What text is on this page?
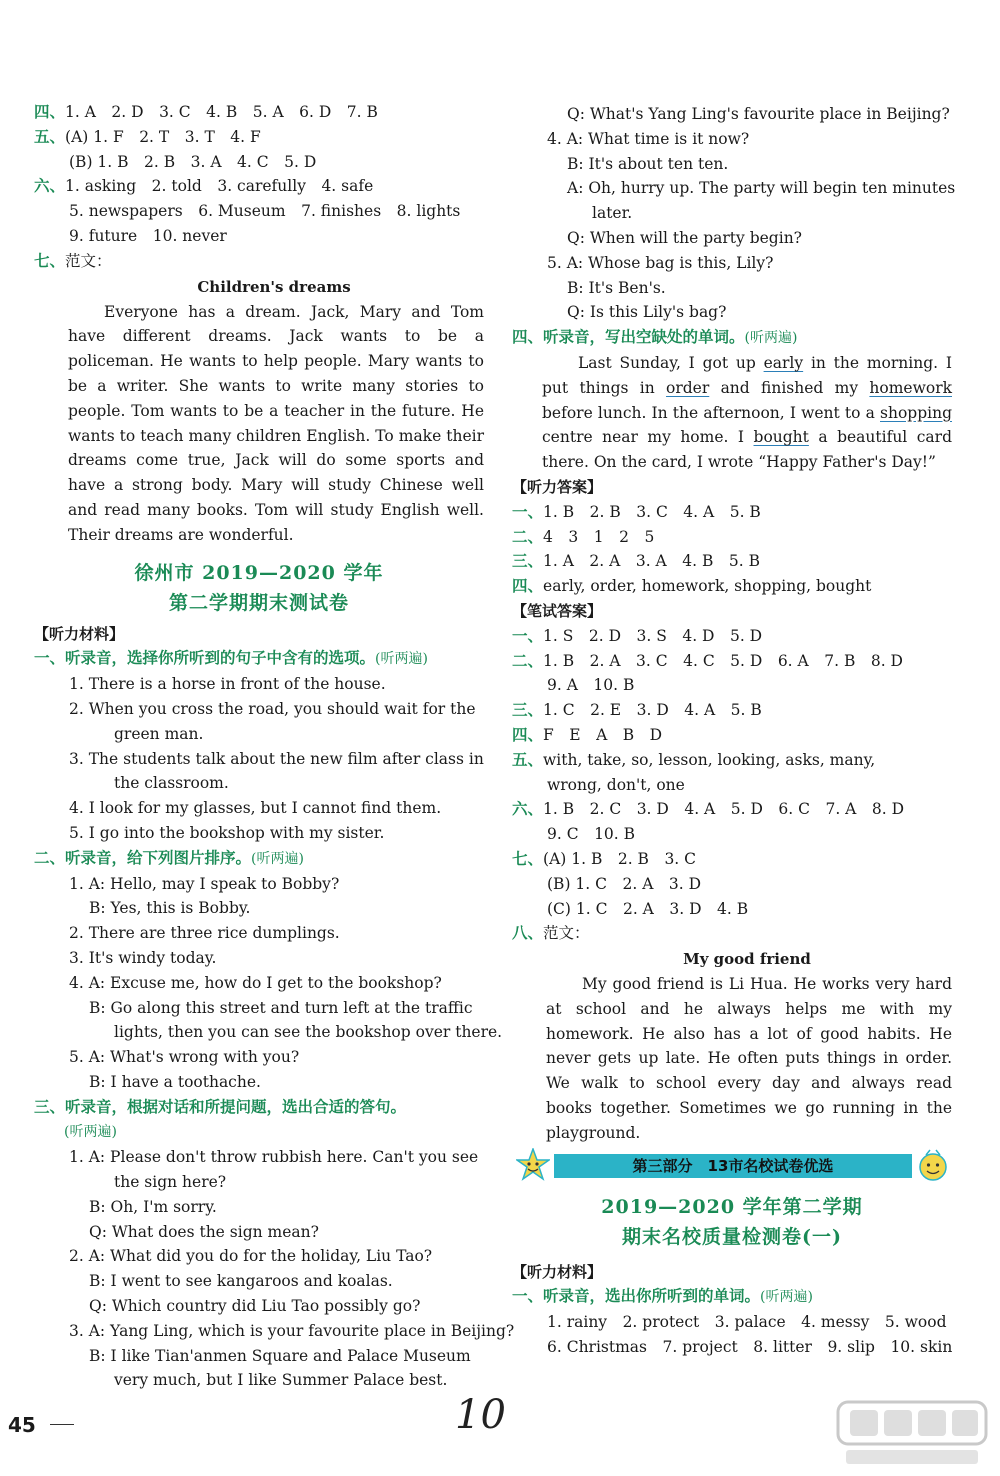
四、1. A　2. D　3. C　4. B　5. A　6. D　7. B
五、(A) 1. F　2. T　3. T　4. F
(B) 1. B　2. B　3. A　4. C　5. D
六、1. asking　2. told　3. carefully　4. safe
5. newspapers　6. Museum　7. finishes　8. lights
9. future　10. never
七、范文：
Children's dreams
Everyone has a dream. Jack, Mary and Tom have different dreams. Jack wants to be a policeman. He wants to help people. Mary wants to be a writer. She wants to write many stories to people. Tom wants to be a teacher in the future. He wants to teach many children English. To make their dreams come true, Jack will do some sports and have a strong body. Mary will study Chinese well and read many books. Tom will study English well. Their dreams are wonderful.
徐州市 2019—2020 学年
第二学期期末测试卷
【听力材料】
一、听录音，选择你所听到的句子中含有的选项。(听两遍)
1. There is a horse in front of the house.
2. When you cross the road, you should wait for the
green man.
3. The students talk about the new film after class in
the classroom.
4. I look for my glasses, but I cannot find them.
5. I go into the bookshop with my sister.
二、听录音，给下列图片排序。(听两遍)
1. A: Hello, may I speak to Bobby?
B: Yes, this is Bobby.
2. There are three rice dumplings.
3. It's windy today.
4. A: Excuse me, how do I get to the bookshop?
B: Go along this street and turn left at the traffic
lights, then you can see the bookshop over there.
5. A: What's wrong with you?
B: I have a toothache.
三、听录音，根据对话和所提问题，选出合适的答句。
(听两遍)
1. A: Please don't throw rubbish here. Can't you see
the sign here?
B: Oh, I'm sorry.
Q: What does the sign mean?
2. A: What did you do for the holiday, Liu Tao?
B: I went to see kangaroos and koalas.
Q: Which country did Liu Tao possibly go?
3. A: Yang Ling, which is your favourite place in Beijing?
B: I like Tian'anmen Square and Palace Museum
very much, but I like Summer Palace best.
Q: What's Yang Ling's favourite place in Beijing?
4. A: What time is it now?
B: It's about ten ten.
A: Oh, hurry up. The party will begin ten minutes
later.
Q: When will the party begin?
5. A: Whose bag is this, Lily?
B: It's Ben's.
Q: Is this Lily's bag?
四、听录音，写出空缺处的单词。(听两遍)
Last Sunday, I got up early in the morning. I put things in order and finished my homework before lunch. In the afternoon, I went to a shopping centre near my home. I bought a beautiful card there. On the card, I wrote “Happy Father's Day!”
【听力答案】
一、1. B　2. B　3. C　4. A　5. B
二、4　3　1　2　5
三、1. A　2. A　3. A　4. B　5. B
四、early, order, homework, shopping, bought
【笔试答案】
一、1. S　2. D　3. S　4. D　5. D
二、1. B　2. A　3. C　4. C　5. D　6. A　7. B　8. D
9. A　10. B
三、1. C　2. E　3. D　4. A　5. B
四、F　E　A　B　D
五、with, take, so, lesson, looking, asks, many,
wrong, don't, one
六、1. B　2. C　3. D　4. A　5. D　6. C　7. A　8. D
9. C　10. B
七、(A) 1. B　2. B　3. C
(B) 1. C　2. A　3. D
(C) 1. C　2. A　3. D　4. B
八、范文：
My good friend
My good friend is Li Hua. He works very hard at school and he always helps me with my homework. He also has a lot of good habits. He never gets up late. He often puts things in order. We walk to school every day and always read books together. Sometimes we go running in the playground.
第三部分　13市名校试卷优选
2019—2020 学年第二学期
期末名校质量检测卷(一)
【听力材料】
一、听录音，选出你所听到的单词。(听两遍)
1. rainy　2. protect　3. palace　4. messy　5. wood
6. Christmas　7. project　8. litter　9. slip　10. skin
45	10
